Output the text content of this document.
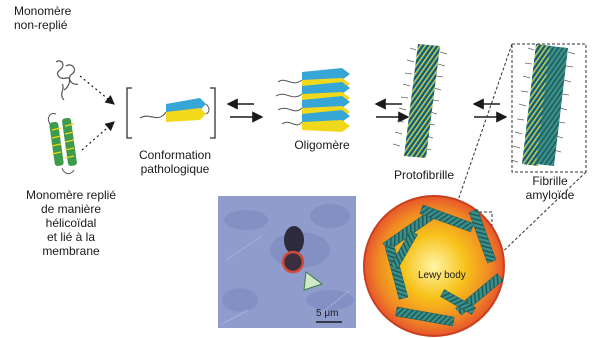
5 μm
Lewy body
Monomère
non-replié
Monomère replié
de manière
hélicoïdal
et lié à la
membrane
Conformation
pathologique
Oligomère
Protofibrille	Fibrille
amyloïde
